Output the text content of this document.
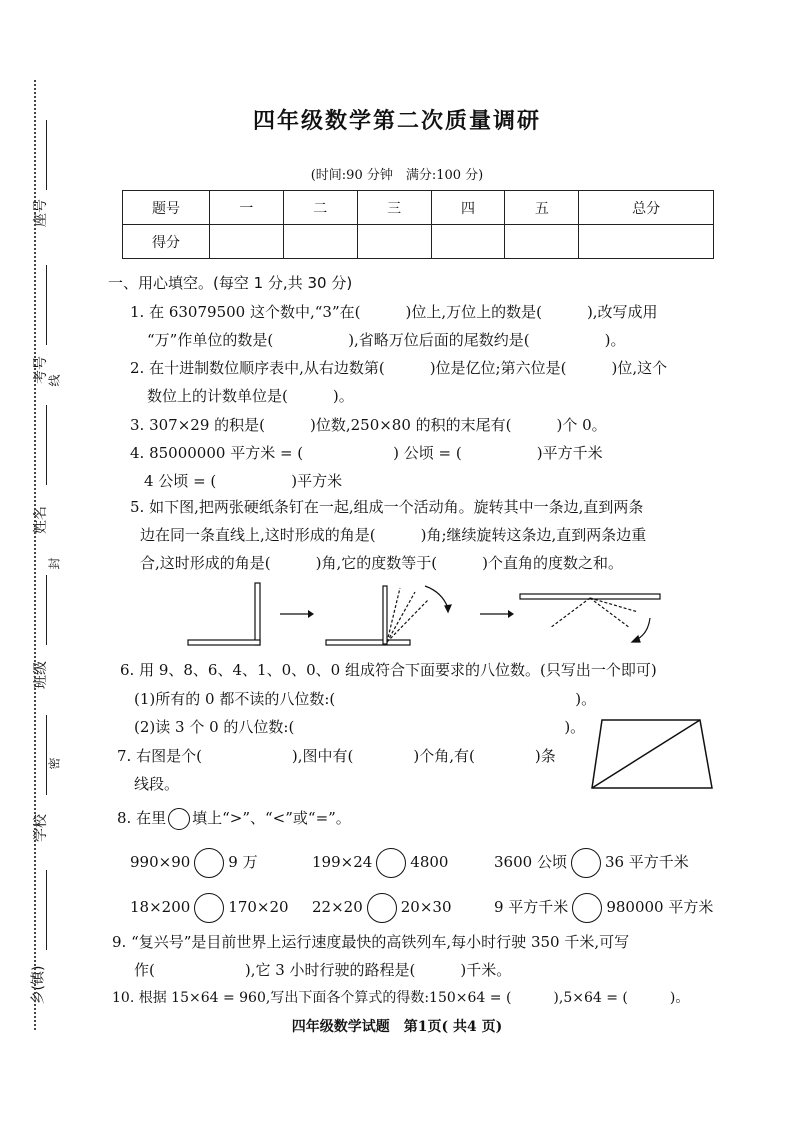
座号
考号
线
姓名
封
班级
密
学校
乡(镇)
四年级数学第二次质量调研
(时间:90 分钟　满分:100 分)
题号	一	二	三	四	五	总分
得分						
一、用心填空。(每空 1 分,共 30 分)
1. 在 63079500 这个数中,“3”在(　　　)位上,万位上的数是(　　　),改写成用
“万”作单位的数是(　　　　　),省略万位后面的尾数约是(　　　　　)。
2. 在十进制数位顺序表中,从右边数第(　　　)位是亿位;第六位是(　　　)位,这个
数位上的计数单位是(　　　)。
3. 307×29 的积是(　　　)位数,250×80 的积的末尾有(　　　)个 0。
4. 85000000 平方米 = (　　　　　　) 公顷 = (　　　　　)平方千米
4 公顷 = (　　　　　)平方米
5. 如下图,把两张硬纸条钉在一起,组成一个活动角。旋转其中一条边,直到两条
边在同一条直线上,这时形成的角是(　　　)角;继续旋转这条边,直到两条边重
合,这时形成的角是(　　　)角,它的度数等于(　　　)个直角的度数之和。
6. 用 9、8、6、4、1、0、0、0 组成符合下面要求的八位数。(只写出一个即可)
(1)所有的 0 都不读的八位数:(　　　　　　　　　　　　　　　　)。
(2)读 3 个 0 的八位数:(　　　　　　　　　　　　　　　　　　)。
7. 右图是个(　　　　　　),图中有(　　　　)个角,有(　　　　)条
线段。
8. 在里 填上“>”、“<”或“=”。
990×90	9 万	199×24	4800	3600 公顷	36 平方千米
18×200	170×20 22×20	20×30	9 平方千米	980000 平方米
9. “复兴号”是目前世界上运行速度最快的高铁列车,每小时行驶 350 千米,可写
作(　　　　　　),它 3 小时行驶的路程是(　　　)千米。
10. 根据 15×64 = 960,写出下面各个算式的得数:150×64 = (　　　),5×64 = (　　　)。
四年级数学试题　第1页( 共4 页)
